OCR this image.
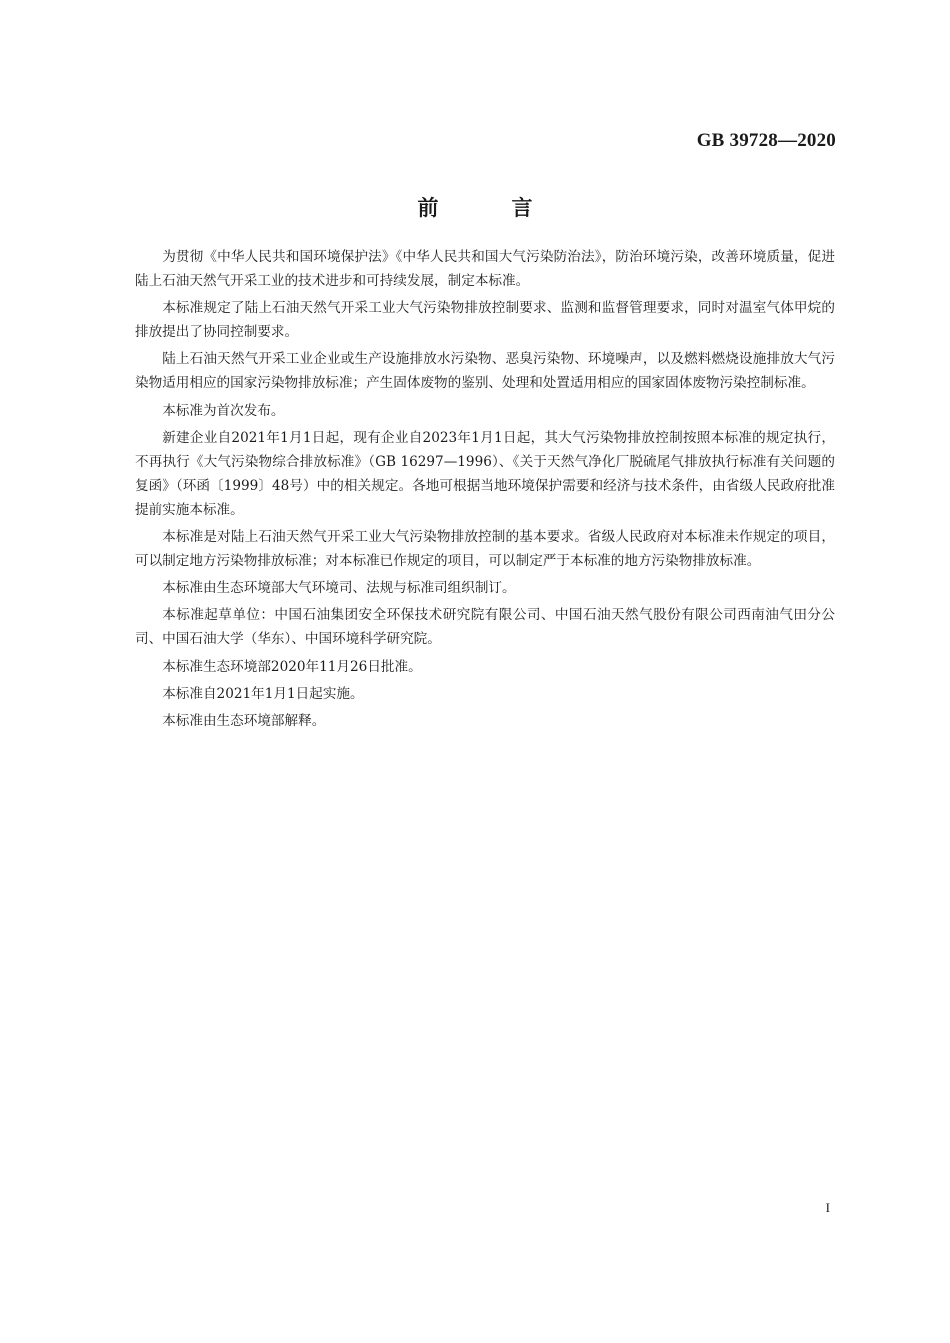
GB 39728—2020
前　言

为贯彻《中华人民共和国环境保护法》《中华人民共和国大气污染防治法》，防治环境污染，改善环境质量，促进陆上石油天然气开采工业的技术进步和可持续发展，制定本标准。

本标准规定了陆上石油天然气开采工业大气污染物排放控制要求、监测和监督管理要求，同时对温室气体甲烷的排放提出了协同控制要求。

陆上石油天然气开采工业企业或生产设施排放水污染物、恶臭污染物、环境噪声，以及燃料燃烧设施排放大气污染物适用相应的国家污染物排放标准；产生固体废物的鉴别、处理和处置适用相应的国家固体废物污染控制标准。

本标准为首次发布。

新建企业自2021年1月1日起，现有企业自2023年1月1日起，其大气污染物排放控制按照本标准的规定执行，不再执行《大气污染物综合排放标准》（GB 16297—1996）、《关于天然气净化厂脱硫尾气排放执行标准有关问题的复函》（环函〔1999〕48号）中的相关规定。各地可根据当地环境保护需要和经济与技术条件，由省级人民政府批准提前实施本标准。

本标准是对陆上石油天然气开采工业大气污染物排放控制的基本要求。省级人民政府对本标准未作规定的项目，可以制定地方污染物排放标准；对本标准已作规定的项目，可以制定严于本标准的地方污染物排放标准。

本标准由生态环境部大气环境司、法规与标准司组织制订。

本标准起草单位：中国石油集团安全环保技术研究院有限公司、中国石油天然气股份有限公司西南油气田分公司、中国石油大学（华东）、中国环境科学研究院。

本标准生态环境部2020年11月26日批准。

本标准自2021年1月1日起实施。

本标准由生态环境部解释。

I
